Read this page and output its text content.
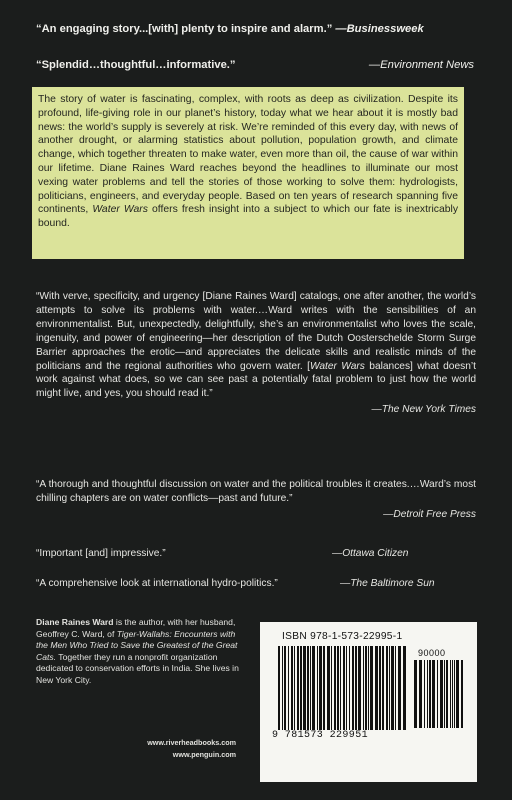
“An engaging story...[with] plenty to inspire and alarm.” —Businessweek
“Splendid…thoughtful…informative.”	—Environment News
The story of water is fascinating, complex, with roots as deep as civilization. Despite its profound, life-giving role in our planet’s history, today what we hear about it is mostly bad news: the world’s supply is severely at risk. We’re reminded of this every day, with news of another drought, or alarming statistics about pollution, population growth, and climate change, which together threaten to make water, even more than oil, the cause of war within our lifetime. Diane Raines Ward reaches beyond the headlines to illuminate our most vexing water problems and tell the stories of those working to solve them: hydrologists, politicians, engineers, and everyday people. Based on ten years of research spanning five continents, Water Wars offers fresh insight into a subject to which our fate is inextricably bound.
“With verve, specificity, and urgency [Diane Raines Ward] catalogs, one after another, the world’s attempts to solve its problems with water.…Ward writes with the sensibilities of an environmentalist. But, unexpectedly, delightfully, she’s an environmentalist who loves the scale, ingenuity, and power of engineering—her description of the Dutch Oosterschelde Storm Surge Barrier approaches the erotic—and appreciates the delicate skills and realistic minds of the politicians and the regional authorities who govern water. [Water Wars balances] what doesn’t work against what does, so we can see past a potentially fatal problem to just how the world might live, and yes, you should read it.”
—The New York Times
“A thorough and thoughtful discussion on water and the political troubles it creates.…Ward’s most chilling chapters are on water conflicts—past and future.”
—Detroit Free Press
“Important [and] impressive.”	—Ottawa Citizen
“A comprehensive look at international hydro-politics.”	—The Baltimore Sun
Diane Raines Ward is the author, with her husband, Geoffrey C. Ward, of Tiger-Wallahs: Encounters with the Men Who Tried to Save the Greatest of the Great Cats. Together they run a nonprofit organization dedicated to conservation efforts in India. She lives in New York City.
www.riverheadbooks.com
www.penguin.com
ISBN 978-1-573-22995-1
90000
9 781573 229951
